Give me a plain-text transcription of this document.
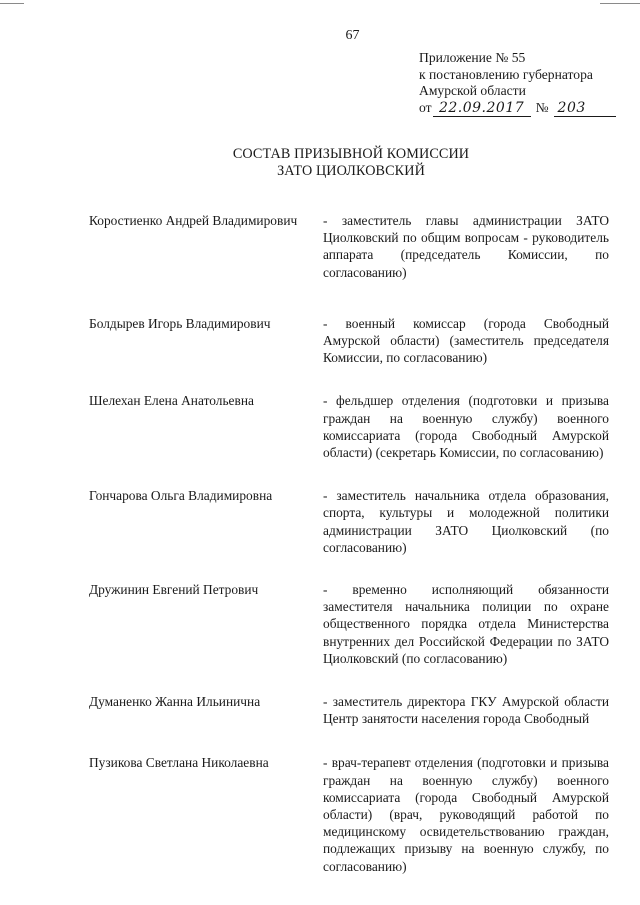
67
Приложение № 55
к постановлению губернатора
Амурской области
от 22.09.2017 № 203
СОСТАВ ПРИЗЫВНОЙ КОМИССИИ
ЗАТО ЦИОЛКОВСКИЙ
Коростиенко Андрей Владимирович	- заместитель главы администрации ЗАТО Циолковский по общим вопросам - руководитель аппарата (председатель Комиссии, по согласованию)
Болдырев Игорь Владимирович	- военный комиссар (города Свободный Амурской области) (заместитель председателя Комиссии, по согласованию)
Шелехан Елена Анатольевна	- фельдшер отделения (подготовки и призыва граждан на военную службу) военного комиссариата (города Свободный Амурской области) (секретарь Комиссии, по согласованию)
Гончарова Ольга Владимировна	- заместитель начальника отдела образования, спорта, культуры и молодежной политики администрации ЗАТО Циолковский (по согласованию)
Дружинин Евгений Петрович	- временно исполняющий обязанности заместителя начальника полиции по охране общественного порядка отдела Министерства внутренних дел Российской Федерации по ЗАТО Циолковский (по согласованию)
Думаненко Жанна Ильинична	- заместитель директора ГКУ Амурской области Центр занятости населения города Свободный
Пузикова Светлана Николаевна	- врач-терапевт отделения (подготовки и призыва граждан на военную службу) военного комиссариата (города Свободный Амурской области) (врач, руководящий работой по медицинскому освидетельствованию граждан, подлежащих призыву на военную службу, по согласованию)
